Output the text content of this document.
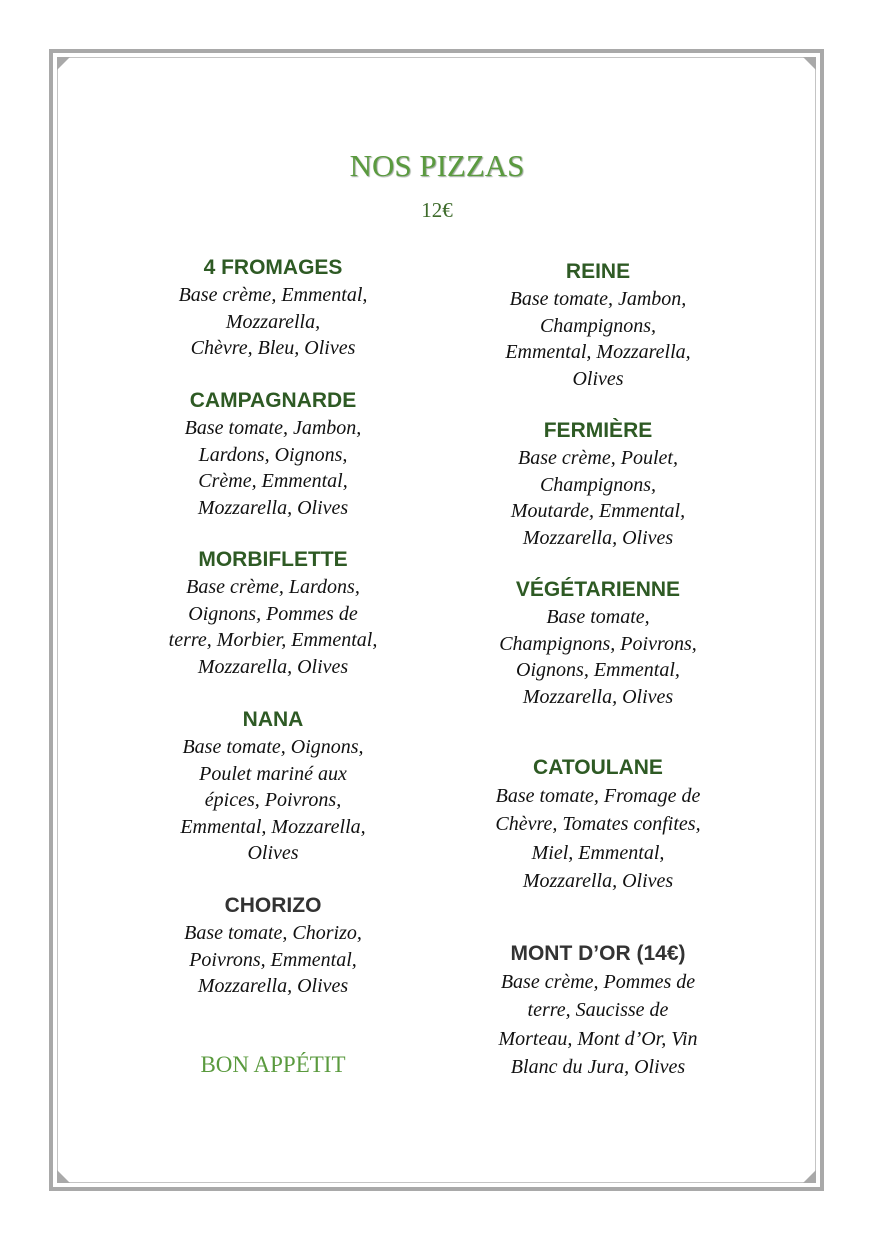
NOS PIZZAS
12€
4 FROMAGES
Base crème, Emmental,
Mozzarella,
Chèvre, Bleu, Olives
CAMPAGNARDE
Base tomate, Jambon,
Lardons, Oignons,
Crème, Emmental,
Mozzarella, Olives
MORBIFLETTE
Base crème, Lardons,
Oignons, Pommes de
terre, Morbier, Emmental,
Mozzarella, Olives
NANA
Base tomate, Oignons,
Poulet mariné aux
épices, Poivrons,
Emmental, Mozzarella,
Olives
CHORIZO
Base tomate, Chorizo,
Poivrons, Emmental,
Mozzarella, Olives
BON APPÉTIT
REINE
Base tomate, Jambon,
Champignons,
Emmental, Mozzarella,
Olives
FERMIÈRE
Base crème, Poulet,
Champignons,
Moutarde, Emmental,
Mozzarella, Olives
VÉGÉTARIENNE
Base tomate,
Champignons, Poivrons,
Oignons, Emmental,
Mozzarella, Olives
CATOULANE
Base tomate, Fromage de
Chèvre, Tomates confites,
Miel, Emmental,
Mozzarella, Olives
MONT D’OR (14€)
Base crème, Pommes de
terre, Saucisse de
Morteau, Mont d’Or, Vin
Blanc du Jura, Olives
